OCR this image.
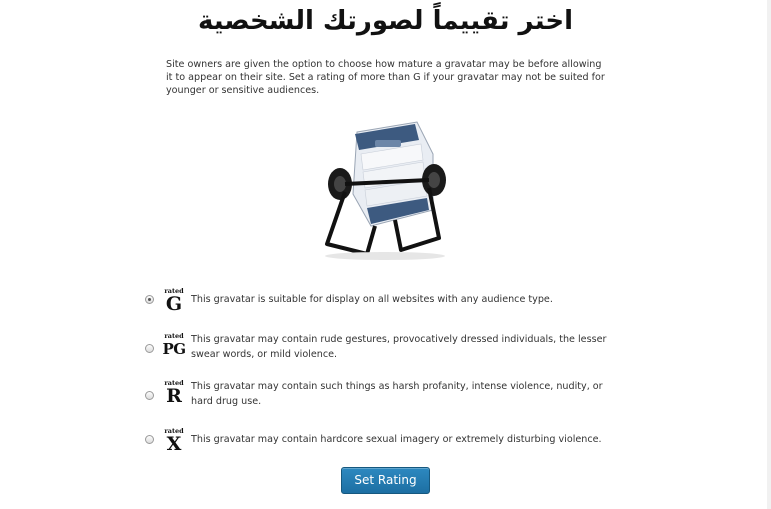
اختر تقييماً لصورتك الشخصية

Site owners are given the option to choose how mature a gravatar may be before allowing it to appear on their site. Set a rating of more than G if your gravatar may not be suited for younger or sensitive audiences.

rated
G This gravatar is suitable for display on all websites with any audience type.
rated
PG
This gravatar may contain rude gestures, provocatively dressed individuals, the lesser swear words, or mild violence.
rated
R This gravatar may contain such things as harsh profanity, intense violence, nudity, or hard drug use.
rated
X	This gravatar may contain hardcore sexual imagery or extremely disturbing violence.
Set Rating
